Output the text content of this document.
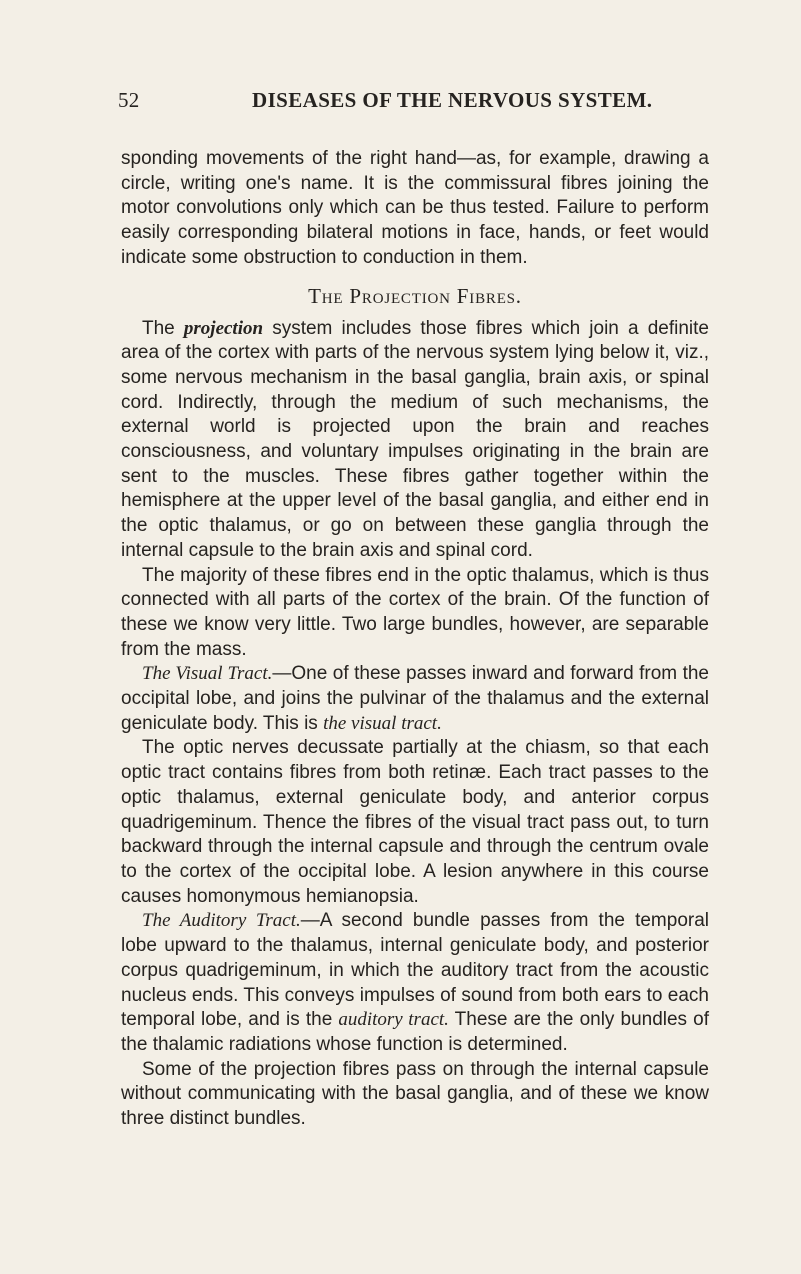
52	DISEASES OF THE NERVOUS SYSTEM.

sponding movements of the right hand—as, for example, drawing a circle, writing one's name. It is the commissural fibres joining the motor convolutions only which can be thus tested. Failure to perform easily corresponding bilateral motions in face, hands, or feet would indicate some obstruction to conduction in them.

The Projection Fibres.

The projection system includes those fibres which join a definite area of the cortex with parts of the nervous system lying below it, viz., some nervous mechanism in the basal ganglia, brain axis, or spinal cord. Indirectly, through the medium of such mechanisms, the external world is projected upon the brain and reaches consciousness, and voluntary impulses originating in the brain are sent to the muscles. These fibres gather together within the hemisphere at the upper level of the basal ganglia, and either end in the optic thalamus, or go on between these ganglia through the internal capsule to the brain axis and spinal cord.

The majority of these fibres end in the optic thalamus, which is thus connected with all parts of the cortex of the brain. Of the function of these we know very little. Two large bundles, however, are separable from the mass.

The Visual Tract.—One of these passes inward and forward from the occipital lobe, and joins the pulvinar of the thalamus and the external geniculate body. This is the visual tract.

The optic nerves decussate partially at the chiasm, so that each optic tract contains fibres from both retinæ. Each tract passes to the optic thalamus, external geniculate body, and anterior corpus quadrigeminum. Thence the fibres of the visual tract pass out, to turn backward through the internal capsule and through the centrum ovale to the cortex of the occipital lobe. A lesion anywhere in this course causes homonymous hemianopsia.

The Auditory Tract.—A second bundle passes from the temporal lobe upward to the thalamus, internal geniculate body, and posterior corpus quadrigeminum, in which the auditory tract from the acoustic nucleus ends. This conveys impulses of sound from both ears to each temporal lobe, and is the auditory tract. These are the only bundles of the thalamic radiations whose function is determined.

Some of the projection fibres pass on through the internal capsule without communicating with the basal ganglia, and of these we know three distinct bundles.
